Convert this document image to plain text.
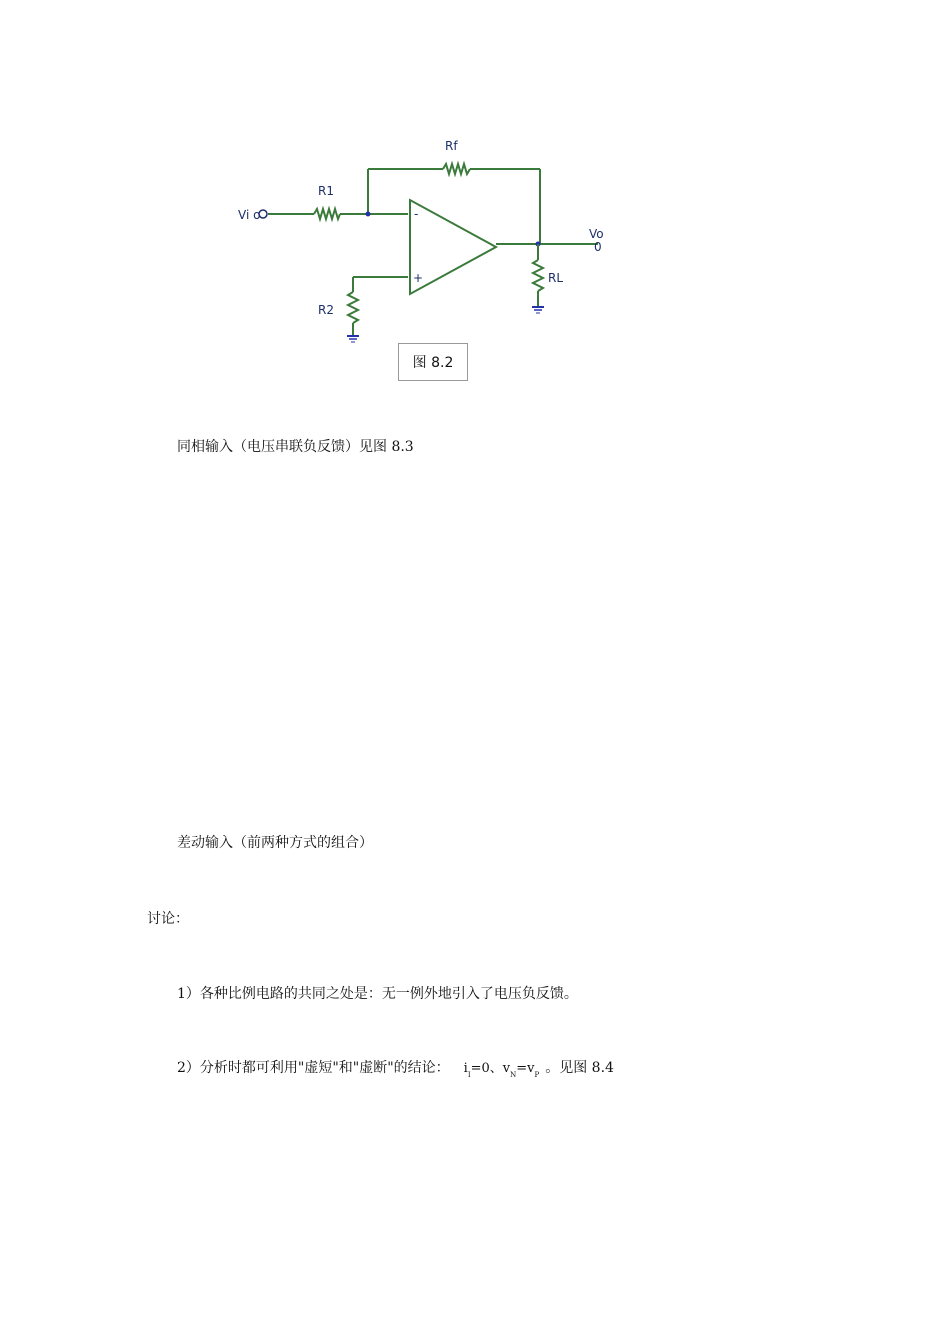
Rf
R1
Vi o
R2
RL
Vo
0
-
+
图 8.2
同相输入（电压串联负反馈）见图 8.3
差动输入（前两种方式的组合）
讨论：
1）各种比例电路的共同之处是：无一例外地引入了电压负反馈。
2）分析时都可利用"虚短"和"虚断"的结论： $i_I=0$、$v_N=v_P$ 。见图 8.4
